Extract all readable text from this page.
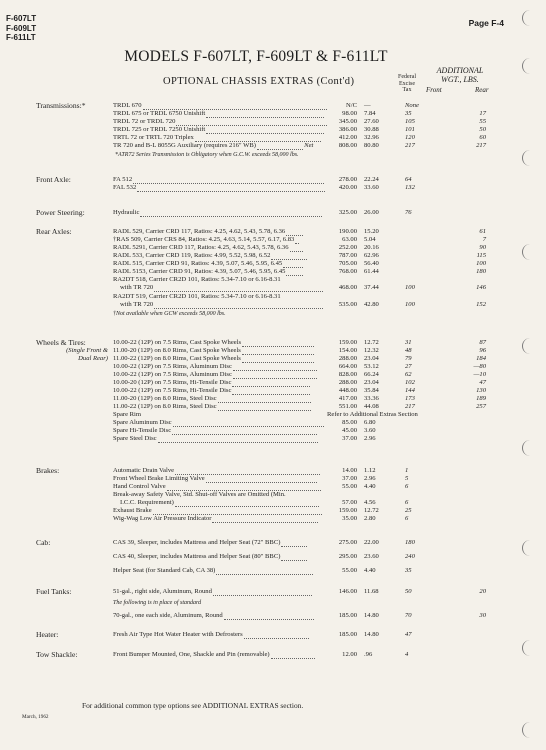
F-607LT
F-609LT
F-611LT
Page F-4
MODELS F-607LT, F-609LT & F-611LT
OPTIONAL CHASSIS EXTRAS (Cont'd)	Federal
Excise
Tax
ADDITIONAL
WGT., LBS.
Front	Rear
Transmissions:*	TRDL 670	N/C —	None
TRDL 675 or TRDL 6750 Unishift	98.00 7.84	35	17
TRDL 72 or TRDL 720	345.00 27.60	105	55
TRDL 725 or TRDL 7250 Unishift	386.00 30.88	101	50
TRTL 72 or TRTL 720 Triplex	412.00 32.96	120	60
TR 720 and B-L 8055G Auxiliary (requires 216" WB)	Net	808.00 80.80	217	217
*ATR72 Series Transmission is Obligatory when G.C.W. exceeds 58,000 lbs.
Front Axle:	FA 512	278.00 22.24	64
FAL 532	420.00 33.60	132
Power Steering:	Hydraulic	325.00 26.00	76
Rear Axles:	RADL 529, Carrier CRD 117, Ratios: 4.25, 4.62, 5.43, 5.78, 6.36	190.00 15.20	61
†RAS 509, Carrier CRS 84, Ratios: 4.25, 4.63, 5.14, 5.57, 6.17, 6.83	63.00 5.04	7
RADL 5291, Carrier CRD 117, Ratios: 4.25, 4.62, 5.43, 5.78, 6.36	252.00 20.16	90
RADL 533, Carrier CRD 119, Ratios: 4.99, 5.52, 5.98, 6.52	787.00 62.96	115
RADL 515, Carrier CRD 91, Ratios: 4.39, 5.07, 5.46, 5.95, 6.45	705.00 56.40	100
RADL 5153, Carrier CRD 91, Ratios: 4.39, 5.07, 5.46, 5.95, 6.45	768.00 61.44	180
RA2DT 518, Carrier CR2D 101, Ratios: 5.34-7.10 or 6.16-8.31
with TR 720	468.00 37.44	100	146
RA2DT 519, Carrier CR2D 101, Ratios: 5.34-7.10 or 6.16-8.31
with TR 720	535.00 42.80	100	152
†Not available when GCW exceeds 58,000 lbs.
Wheels & Tires:	10.00-22 (12P) on 7.5 Rims, Cast Spoke Wheels	159.00 12.72	31	87
(Single Front & 11.00-20 (12P) on 8.0 Rims, Cast Spoke Wheels	154.00 12.32	48	96
Dual Rear) 11.00-22 (12P) on 8.0 Rims, Cast Spoke Wheels	288.00 23.04	79	184
10.00-22 (12P) on 7.5 Rims, Aluminum Disc	664.00 53.12	27	—80
10.00-22 (12P) on 7.5 Rims, Aluminum Disc	828.00 66.24	62	—10
10.00-20 (12P) on 7.5 Rims, Hi-Tensile Disc	288.00 23.04	102	47
10.00-22 (12P) on 7.5 Rims, Hi-Tensile Disc	448.00 35.84	144	130
11.00-20 (12P) on 8.0 Rims, Steel Disc	417.00 33.36	173	189
11.00-22 (12P) on 8.0 Rims, Steel Disc	551.00 44.08	217	257
Spare Rim	Refer to Additional Extras Section
Spare Aluminum Disc	85.00 6.80
Spare Hi-Tensile Disc	45.00 3.60
Spare Steel Disc	37.00 2.96
Brakes:	Automatic Drain Valve	14.00 1.12	1
Front Wheel Brake Limiting Valve	37.00 2.96	5
Hand Control Valve	55.00 4.40	6
Break-away Safety Valve, Std. Shut-off Valves are Omitted (Min.
I.C.C. Requirement)	57.00 4.56	6
Exhaust Brake	159.00 12.72	25
Wig-Wag Low Air Pressure Indicator	35.00 2.80	6
Cab:	CAS 39, Sleeper, includes Mattress and Helper Seat (72" BBC)	275.00 22.00	180
CAS 40, Sleeper, includes Mattress and Helper Seat (80" BBC)	295.00 23.60	240
Helper Seat (for Standard Cab, CA 38)	55.00 4.40	35
Fuel Tanks:	51-gal., right side, Aluminum, Round	146.00 11.68	50	20
The following is in place of standard
70-gal., one each side, Aluminum, Round	185.00 14.80	70	30
Heater:	Fresh Air Type Hot Water Heater with Defrosters	185.00 14.80	47
Tow Shackle:	Front Bumper Mounted, One, Shackle and Pin (removable)	12.00 .96	4
For additional common type options see ADDITIONAL EXTRAS section.
March, 1962
